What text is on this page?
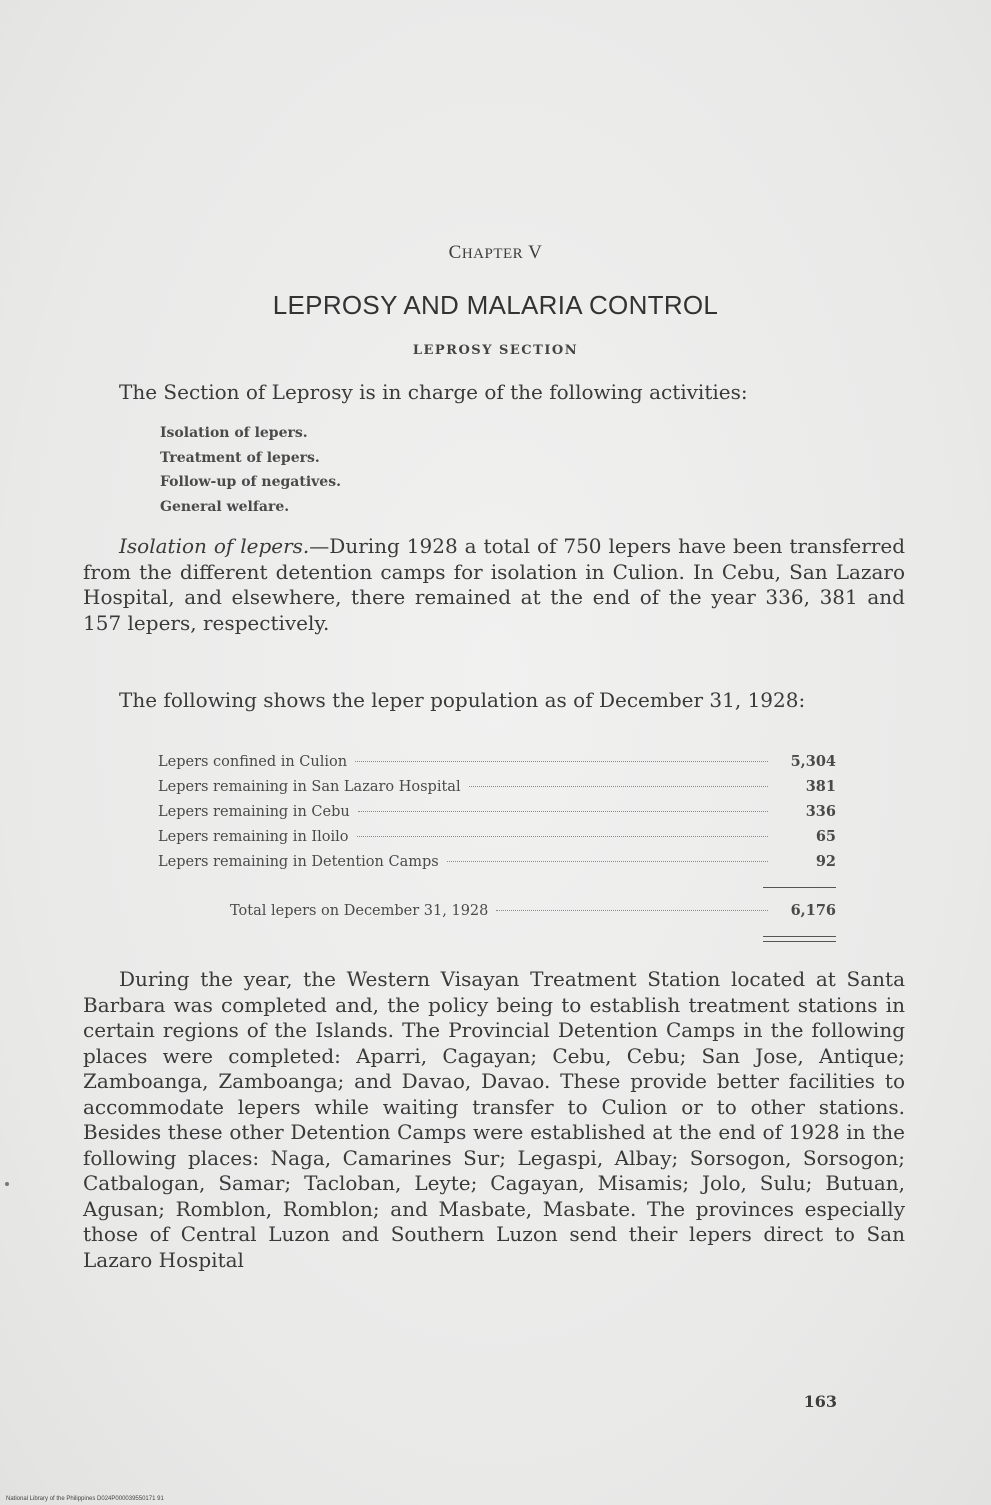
CHAPTER V
LEPROSY AND MALARIA CONTROL
LEPROSY SECTION
The Section of Leprosy is in charge of the following activities:
Isolation of lepers.
Treatment of lepers.
Follow-up of negatives.
General welfare.
Isolation of lepers.—During 1928 a total of 750 lepers have been transferred from the different detention camps for isolation in Culion. In Cebu, San Lazaro Hospital, and elsewhere, there remained at the end of the year 336, 381 and 157 lepers, respectively.
The following shows the leper population as of December 31, 1928:
Lepers confined in Culion	5,304
Lepers remaining in San Lazaro Hospital	381
Lepers remaining in Cebu	336
Lepers remaining in Iloilo	65
Lepers remaining in Detention Camps	92
Total lepers on December 31, 1928	6,176
During the year, the Western Visayan Treatment Station located at Santa Barbara was completed and, the policy being to establish treatment stations in certain regions of the Islands. The Provincial Detention Camps in the following places were completed: Aparri, Cagayan; Cebu, Cebu; San Jose, Antique; Zamboanga, Zamboanga; and Davao, Davao. These provide better facilities to accommodate lepers while waiting transfer to Culion or to other stations. Besides these other Detention Camps were established at the end of 1928 in the following places: Naga, Camarines Sur; Legaspi, Albay; Sorsogon, Sorsogon; Catbalogan, Samar; Tacloban, Leyte; Cagayan, Misamis; Jolo, Sulu; Butuan, Agusan; Romblon, Romblon; and Masbate, Masbate. The provinces especially those of Central Luzon and Southern Luzon send their lepers direct to San Lazaro Hospital
163
National Library of the Philippines D024P000039550171 91
